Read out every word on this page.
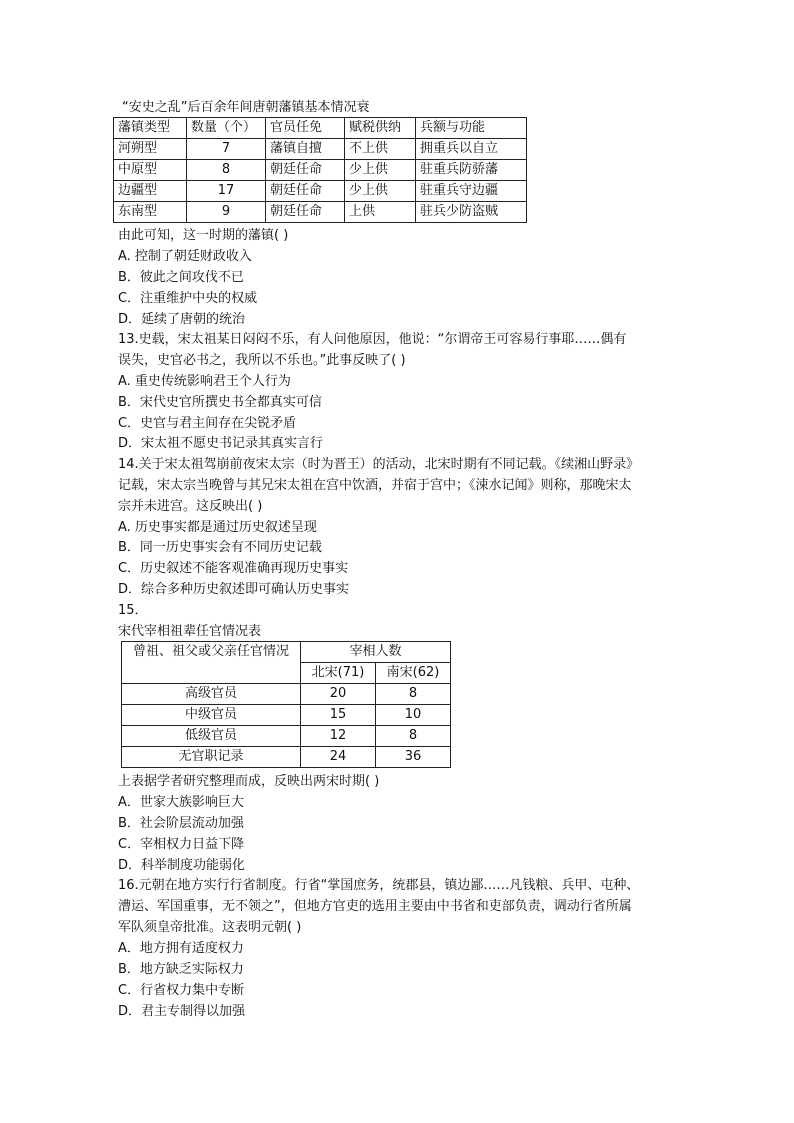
“安史之乱”后百余年间唐朝藩镇基本情况衰
藩镇类型	数量（个）	官员任免	赋税供纳	兵额与功能
河朔型	7	藩镇自擅	不上供	拥重兵以自立
中原型	8	朝廷任命	少上供	驻重兵防骄藩
边疆型	17	朝廷任命	少上供	驻重兵守边疆
东南型	9	朝廷任命	上供	驻兵少防盗贼
由此可知，这一时期的藩镇( )
A. 控制了朝廷财政收入
B．彼此之间攻伐不已
C．注重维护中央的权威
D．延续了唐朝的统治
13.史载，宋太祖某日闷闷不乐，有人问他原因，他说：“尔谓帝王可容易行事耶……偶有
误失，史官必书之，我所以不乐也。”此事反映了( )
A. 重史传统影响君王个人行为
B．宋代史官所撰史书全都真实可信
C．史官与君主间存在尖锐矛盾
D．宋太祖不愿史书记录其真实言行
14.关于宋太祖驾崩前夜宋太宗（时为晋王）的活动，北宋时期有不同记载。《续湘山野录》
记载，宋太宗当晚曾与其兄宋太祖在宫中饮酒，并宿于宫中；《涑水记闻》则称，那晚宋太
宗并未进宫。这反映出( )
A. 历史事实都是通过历史叙述呈现
B．同一历史事实会有不同历史记载
C．历史叙述不能客观准确再现历史事实
D．综合多种历史叙述即可确认历史事实
15．
宋代宰相祖辈任官情况表
曾祖、祖父或父亲任官情况	宰相人数	
	北宋(71)	南宋(62)
高级官员	20	8
中级官员	15	10
低级官员	12	8
无官职记录	24	36
上表据学者研究整理而成，反映出两宋时期( )
A．世家大族影响巨大
B．社会阶层流动加强
C．宰相权力日益下降
D．科举制度功能弱化
16.元朝在地方实行行省制度。行省“掌国庶务，统郡县，镇边鄙……凡钱粮、兵甲、屯种、
漕运、军国重事，无不领之”，但地方官吏的选用主要由中书省和吏部负责，调动行省所属
军队须皇帝批准。这表明元朝( )
A．地方拥有适度权力
B．地方缺乏实际权力
C．行省权力集中专断
D．君主专制得以加强
